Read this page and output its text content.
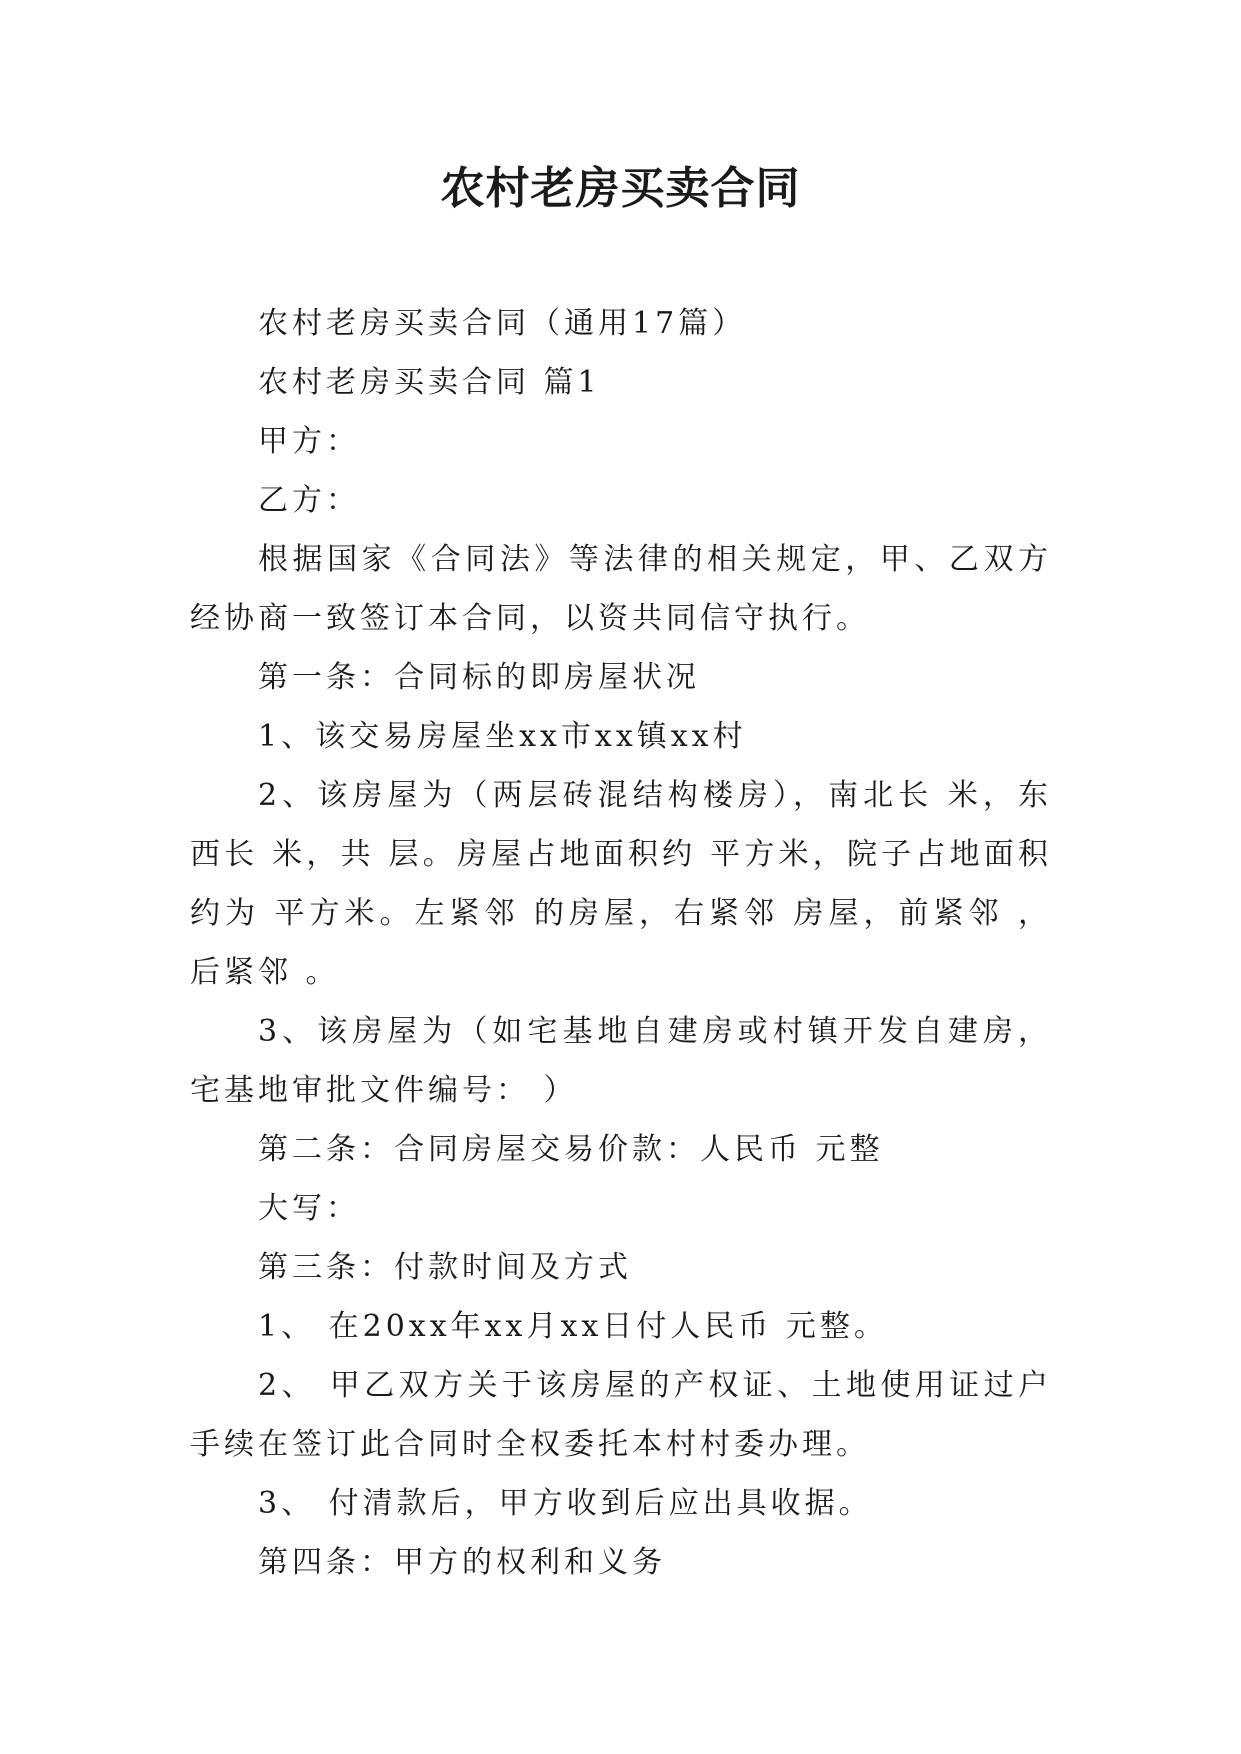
农村老房买卖合同

农村老房买卖合同（通用17篇）

农村老房买卖合同 篇1

甲方：

乙方：

根据国家《合同法》等法律的相关规定，甲、乙双方经协商一致签订本合同，以资共同信守执行。

第一条：合同标的即房屋状况

1、该交易房屋坐xx市xx镇xx村

2、该房屋为（两层砖混结构楼房），南北长 米，东西长 米，共 层。房屋占地面积约 平方米，院子占地面积约为 平方米。左紧邻 的房屋，右紧邻 房屋，前紧邻 ，后紧邻 。

3、该房屋为（如宅基地自建房或村镇开发自建房，宅基地审批文件编号： ）

第二条：合同房屋交易价款：人民币 元整

大写：

第三条：付款时间及方式

1、 在20xx年xx月xx日付人民币 元整。

2、 甲乙双方关于该房屋的产权证、土地使用证过户手续在签订此合同时全权委托本村村委办理。

3、 付清款后，甲方收到后应出具收据。

第四条：甲方的权利和义务
